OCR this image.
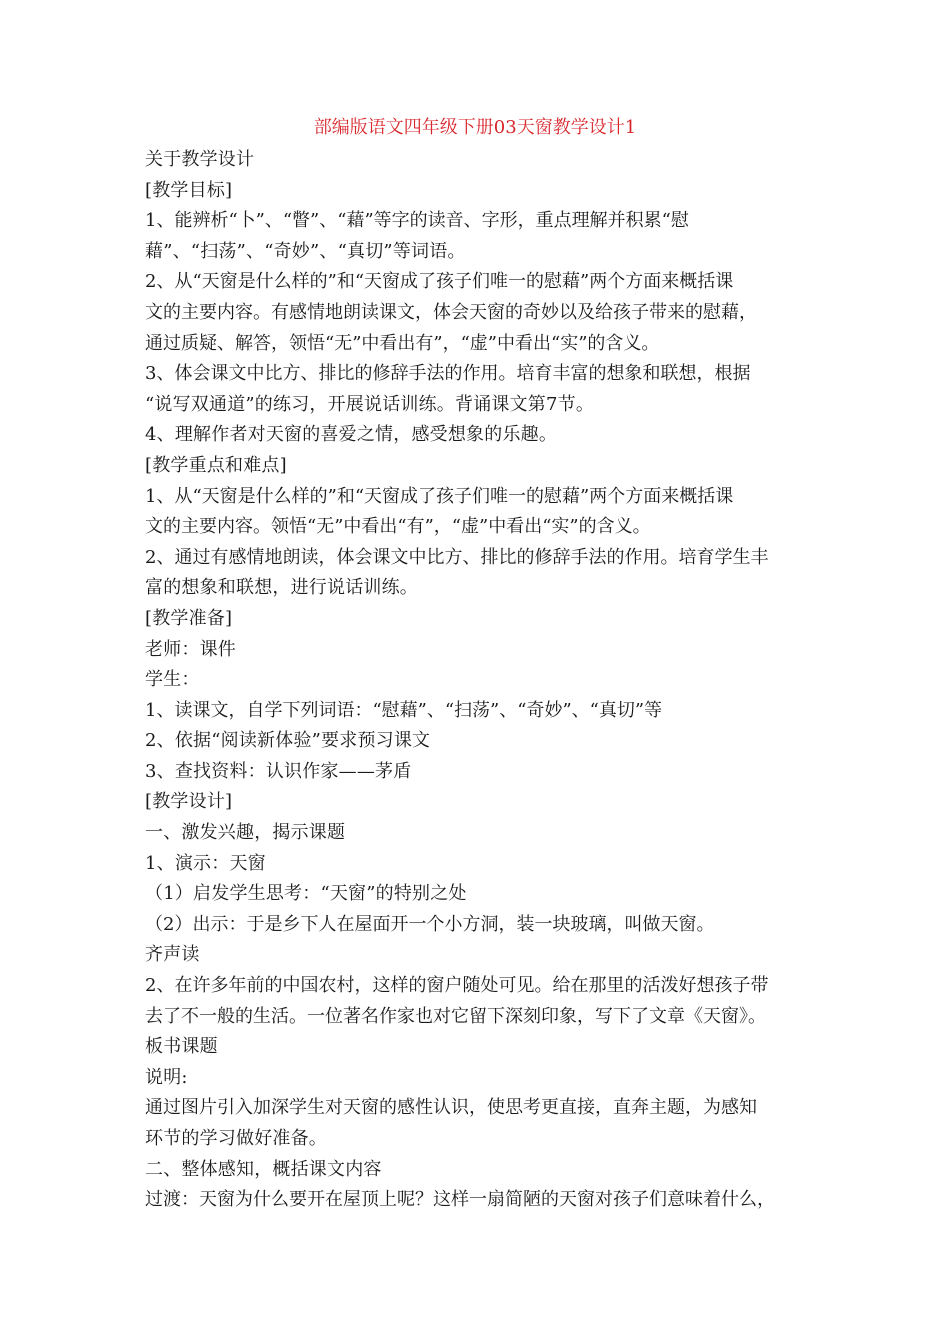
部编版语文四年级下册03天窗教学设计1
关于教学设计
[教学目标]
1、能辨析“卜”、“瞥”、“藉”等字的读音、字形，重点理解并积累“慰
藉”、“扫荡”、“奇妙”、“真切”等词语。
2、从“天窗是什么样的”和“天窗成了孩子们唯一的慰藉”两个方面来概括课
文的主要内容。有感情地朗读课文，体会天窗的奇妙以及给孩子带来的慰藉，
通过质疑、解答，领悟“无”中看出有”，“虚”中看出“实”的含义。
3、体会课文中比方、排比的修辞手法的作用。培育丰富的想象和联想，根据
“说写双通道”的练习，开展说话训练。背诵课文第7节。
4、理解作者对天窗的喜爱之情，感受想象的乐趣。
[教学重点和难点]
1、从“天窗是什么样的”和“天窗成了孩子们唯一的慰藉”两个方面来概括课
文的主要内容。领悟“无”中看出“有”，“虚”中看出“实”的含义。
2、通过有感情地朗读，体会课文中比方、排比的修辞手法的作用。培育学生丰
富的想象和联想，进行说话训练。
[教学准备]
老师：课件
学生：
1、读课文，自学下列词语：“慰藉”、“扫荡”、“奇妙”、“真切”等
2、依据“阅读新体验”要求预习课文
3、查找资料：认识作家——茅盾
[教学设计]
一、激发兴趣，揭示课题
1、演示：天窗
（1）启发学生思考：“天窗”的特别之处
（2）出示：于是乡下人在屋面开一个小方洞，装一块玻璃，叫做天窗。
齐声读
2、在许多年前的中国农村，这样的窗户随处可见。给在那里的活泼好想孩子带
去了不一般的生活。一位著名作家也对它留下深刻印象，写下了文章《天窗》。
板书课题
说明:
通过图片引入加深学生对天窗的感性认识，使思考更直接，直奔主题，为感知
环节的学习做好准备。
二、整体感知，概括课文内容
过渡：天窗为什么要开在屋顶上呢？这样一扇简陋的天窗对孩子们意味着什么，
